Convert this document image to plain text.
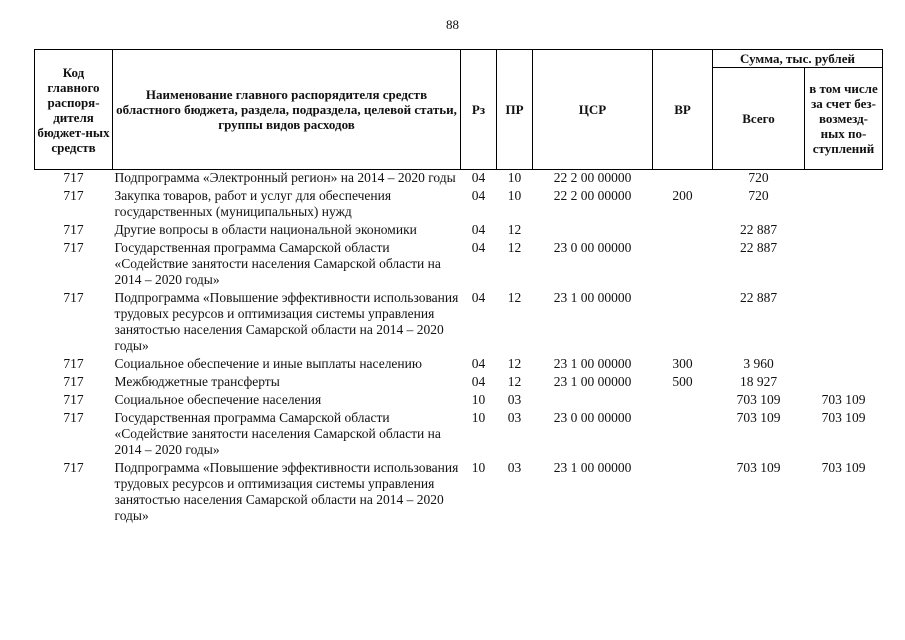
88
Код главного распоря-дителя бюджет-ных средств	Наименование главного распорядителя средств областного бюджета, раздела, подраздела, целевой статьи, группы видов расходов	Рз	ПР	ЦСР	ВР	Сумма, тыс. рублей	
						Всего	в том числе за счет без-возмезд-ных по-ступлений
717	Подпрограмма «Электронный регион» на 2014 – 2020 годы	04	10	22 2 00 00000		720	
717	Закупка товаров, работ и услуг для обеспечения государственных (муниципальных) нужд	04	10	22 2 00 00000	200	720	
717	Другие вопросы в области национальной экономики	04	12			22 887	
717	Государственная программа Самарской области «Содействие занятости населения Самарской области на 2014 – 2020 годы»	04	12	23 0 00 00000		22 887	
717	Подпрограмма «Повышение эффективности использования трудовых ресурсов и оптимизация системы управления занятостью населения Самарской области на 2014 – 2020 годы»	04	12	23 1 00 00000		22 887	
717	Социальное обеспечение и иные выплаты населению	04	12	23 1 00 00000	300	3 960	
717	Межбюджетные трансферты	04	12	23 1 00 00000	500	18 927	
717	Социальное обеспечение населения	10	03			703 109	703 109
717	Государственная программа Самарской области «Содействие занятости населения Самарской области на 2014 – 2020 годы»	10	03	23 0 00 00000		703 109	703 109
717	Подпрограмма «Повышение эффективности использования трудовых ресурсов и оптимизация системы управления занятостью населения Самарской области на 2014 – 2020 годы»	10	03	23 1 00 00000		703 109	703 109
